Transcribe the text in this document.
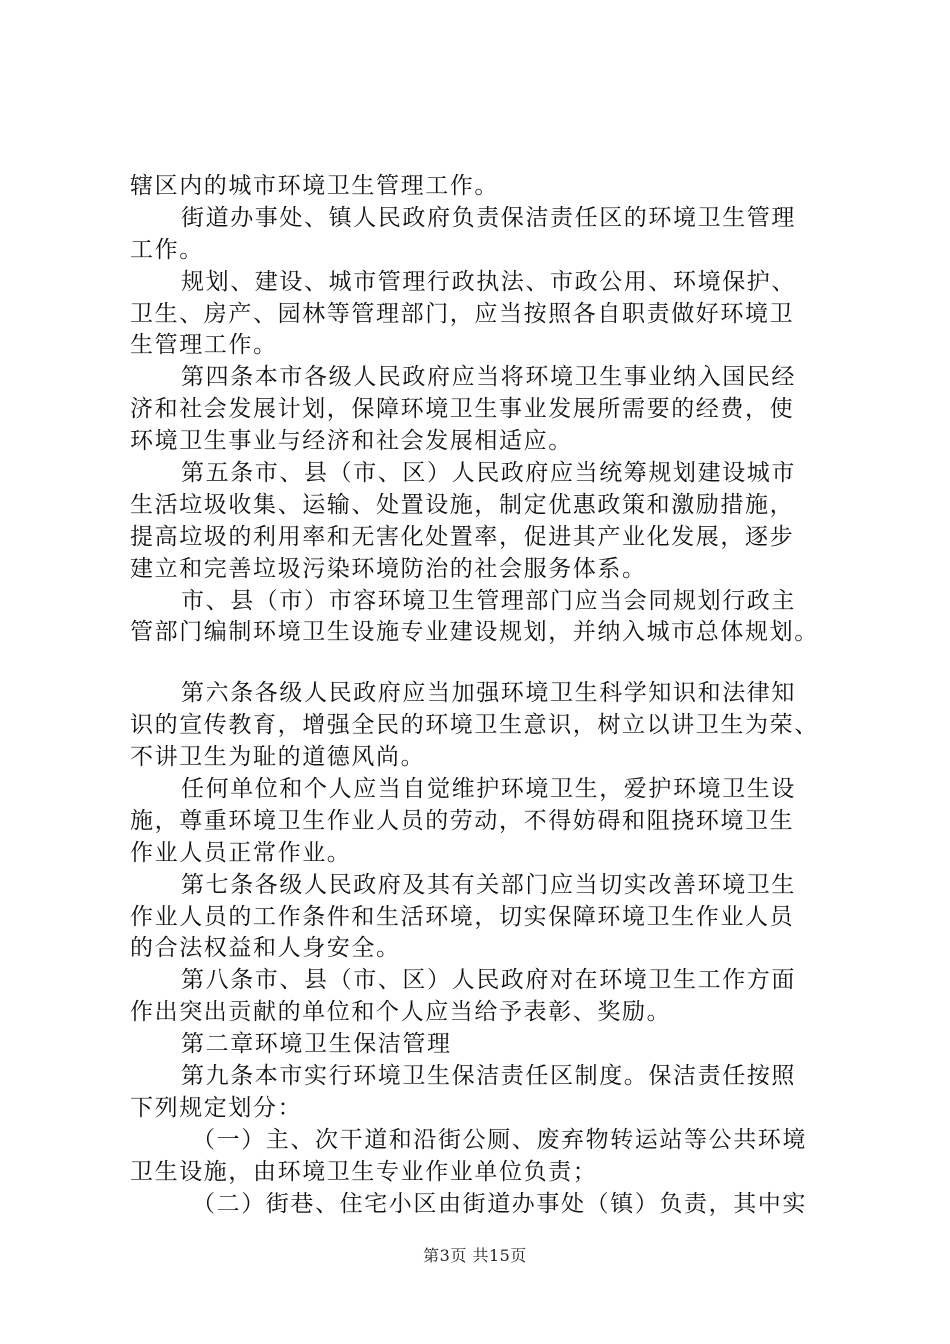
辖区内的城市环境卫生管理工作。
街道办事处、镇人民政府负责保洁责任区的环境卫生管理
工作。
规划、建设、城市管理行政执法、市政公用、环境保护、
卫生、房产、园林等管理部门，应当按照各自职责做好环境卫
生管理工作。
第四条本市各级人民政府应当将环境卫生事业纳入国民经
济和社会发展计划，保障环境卫生事业发展所需要的经费，使
环境卫生事业与经济和社会发展相适应。
第五条市、县（市、区）人民政府应当统筹规划建设城市
生活垃圾收集、运输、处置设施，制定优惠政策和激励措施，
提高垃圾的利用率和无害化处置率，促进其产业化发展，逐步
建立和完善垃圾污染环境防治的社会服务体系。
市、县（市）市容环境卫生管理部门应当会同规划行政主
管部门编制环境卫生设施专业建设规划，并纳入城市总体规划。
第六条各级人民政府应当加强环境卫生科学知识和法律知
识的宣传教育，增强全民的环境卫生意识，树立以讲卫生为荣、
不讲卫生为耻的道德风尚。
任何单位和个人应当自觉维护环境卫生，爱护环境卫生设
施，尊重环境卫生作业人员的劳动，不得妨碍和阻挠环境卫生
作业人员正常作业。
第七条各级人民政府及其有关部门应当切实改善环境卫生
作业人员的工作条件和生活环境，切实保障环境卫生作业人员
的合法权益和人身安全。
第八条市、县（市、区）人民政府对在环境卫生工作方面
作出突出贡献的单位和个人应当给予表彰、奖励。
第二章环境卫生保洁管理
第九条本市实行环境卫生保洁责任区制度。保洁责任按照
下列规定划分：
（一）主、次干道和沿街公厕、废弃物转运站等公共环境
卫生设施，由环境卫生专业作业单位负责；
（二）街巷、住宅小区由街道办事处（镇）负责，其中实
第3页 共15页
